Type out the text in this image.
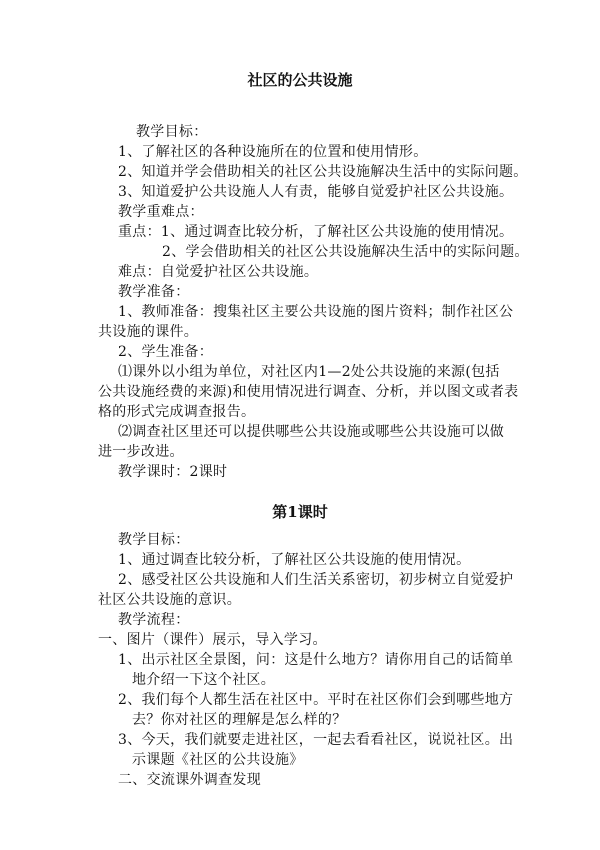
社区的公共设施
教学目标：
1、了解社区的各种设施所在的位置和使用情形。
2、知道并学会借助相关的社区公共设施解决生活中的实际问题。
3、知道爱护公共设施人人有责，能够自觉爱护社区公共设施。
教学重难点：
重点：1、通过调查比较分析，了解社区公共设施的使用情况。
2、学会借助相关的社区公共设施解决生活中的实际问题。
难点：自觉爱护社区公共设施。
教学准备：
1、教师准备：搜集社区主要公共设施的图片资料；制作社区公
共设施的课件。
2、学生准备：
⑴课外以小组为单位，对社区内1—2处公共设施的来源(包括
公共设施经费的来源)和使用情况进行调查、分析，并以图文或者表
格的形式完成调查报告。
⑵调查社区里还可以提供哪些公共设施或哪些公共设施可以做
进一步改进。
教学课时：2课时
第1课时
教学目标：
1、通过调查比较分析，了解社区公共设施的使用情况。
2、感受社区公共设施和人们生活关系密切，初步树立自觉爱护
社区公共设施的意识。
教学流程：
一、图片（课件）展示，导入学习。
1、出示社区全景图，问：这是什么地方？请你用自己的话简单
地介绍一下这个社区。
2、我们每个人都生活在社区中。平时在社区你们会到哪些地方
去？你对社区的理解是怎么样的？
3、今天，我们就要走进社区，一起去看看社区，说说社区。出
示课题《社区的公共设施》
二、交流课外调查发现
